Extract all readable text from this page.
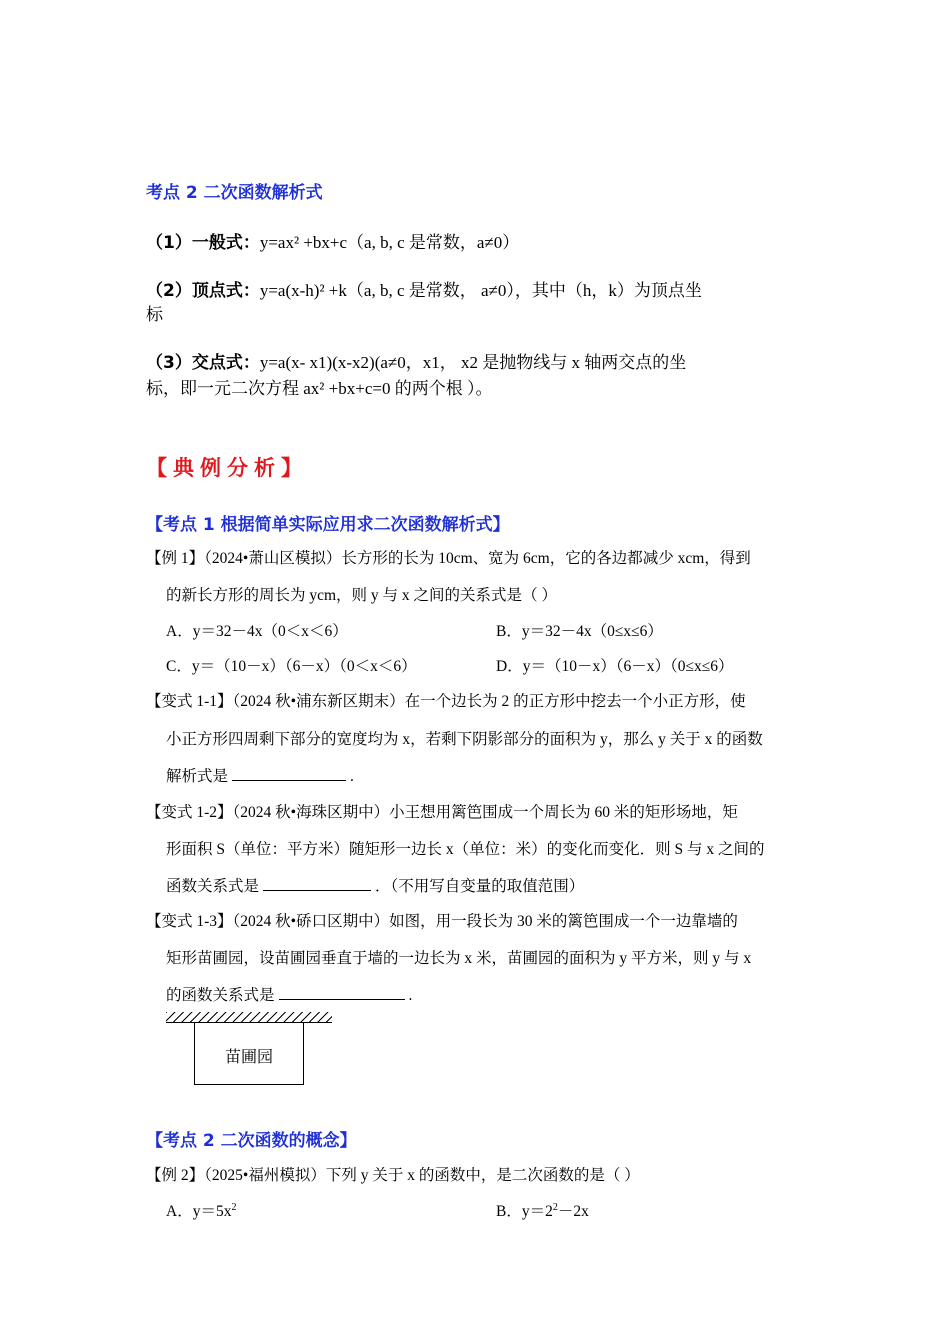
考点 2 二次函数解析式
（1）一般式：y=ax² +bx+c（a, b, c 是常数，a≠0）
（2）顶点式：y=a(x-h)² +k（a, b, c 是常数， a≠0），其中（h，k）为顶点坐
标
（3）交点式：y=a(x- x1)(x-x2)(a≠0，x1， x2 是抛物线与 x 轴两交点的坐
标，即一元二次方程 ax² +bx+c=0 的两个根 ）。
【典例分析】
【考点 1 根据简单实际应用求二次函数解析式】
【例 1】（2024•萧山区模拟）长方形的长为 10cm、宽为 6cm，它的各边都减少 xcm，得到
的新长方形的周长为 ycm，则 y 与 x 之间的关系式是（ ）
A．y＝32－4x（0＜x＜6）	B．y＝32－4x（0≤x≤6）
C．y＝（10－x）（6－x）（0＜x＜6）	D．y＝（10－x）（6－x）（0≤x≤6）
【变式 1-1】（2024 秋•浦东新区期末）在一个边长为 2 的正方形中挖去一个小正方形，使
小正方形四周剩下部分的宽度均为 x，若剩下阴影部分的面积为 y，那么 y 关于 x 的函数
解析式是	.
【变式 1-2】（2024 秋•海珠区期中）小王想用篱笆围成一个周长为 60 米的矩形场地，矩
形面积 S（单位：平方米）随矩形一边长 x（单位：米）的变化而变化．则 S 与 x 之间的
函数关系式是	．（不用写自变量的取值范围）
【变式 1-3】（2024 秋•硚口区期中）如图，用一段长为 30 米的篱笆围成一个一边靠墙的
矩形苗圃园，设苗圃园垂直于墙的一边长为 x 米，苗圃园的面积为 y 平方米，则 y 与 x
的函数关系式是	.
苗圃园
【考点 2 二次函数的概念】
【例 2】（2025•福州模拟）下列 y 关于 x 的函数中，是二次函数的是（ ）
A．$y=5x^2$	B．$y=2^2-2x$
